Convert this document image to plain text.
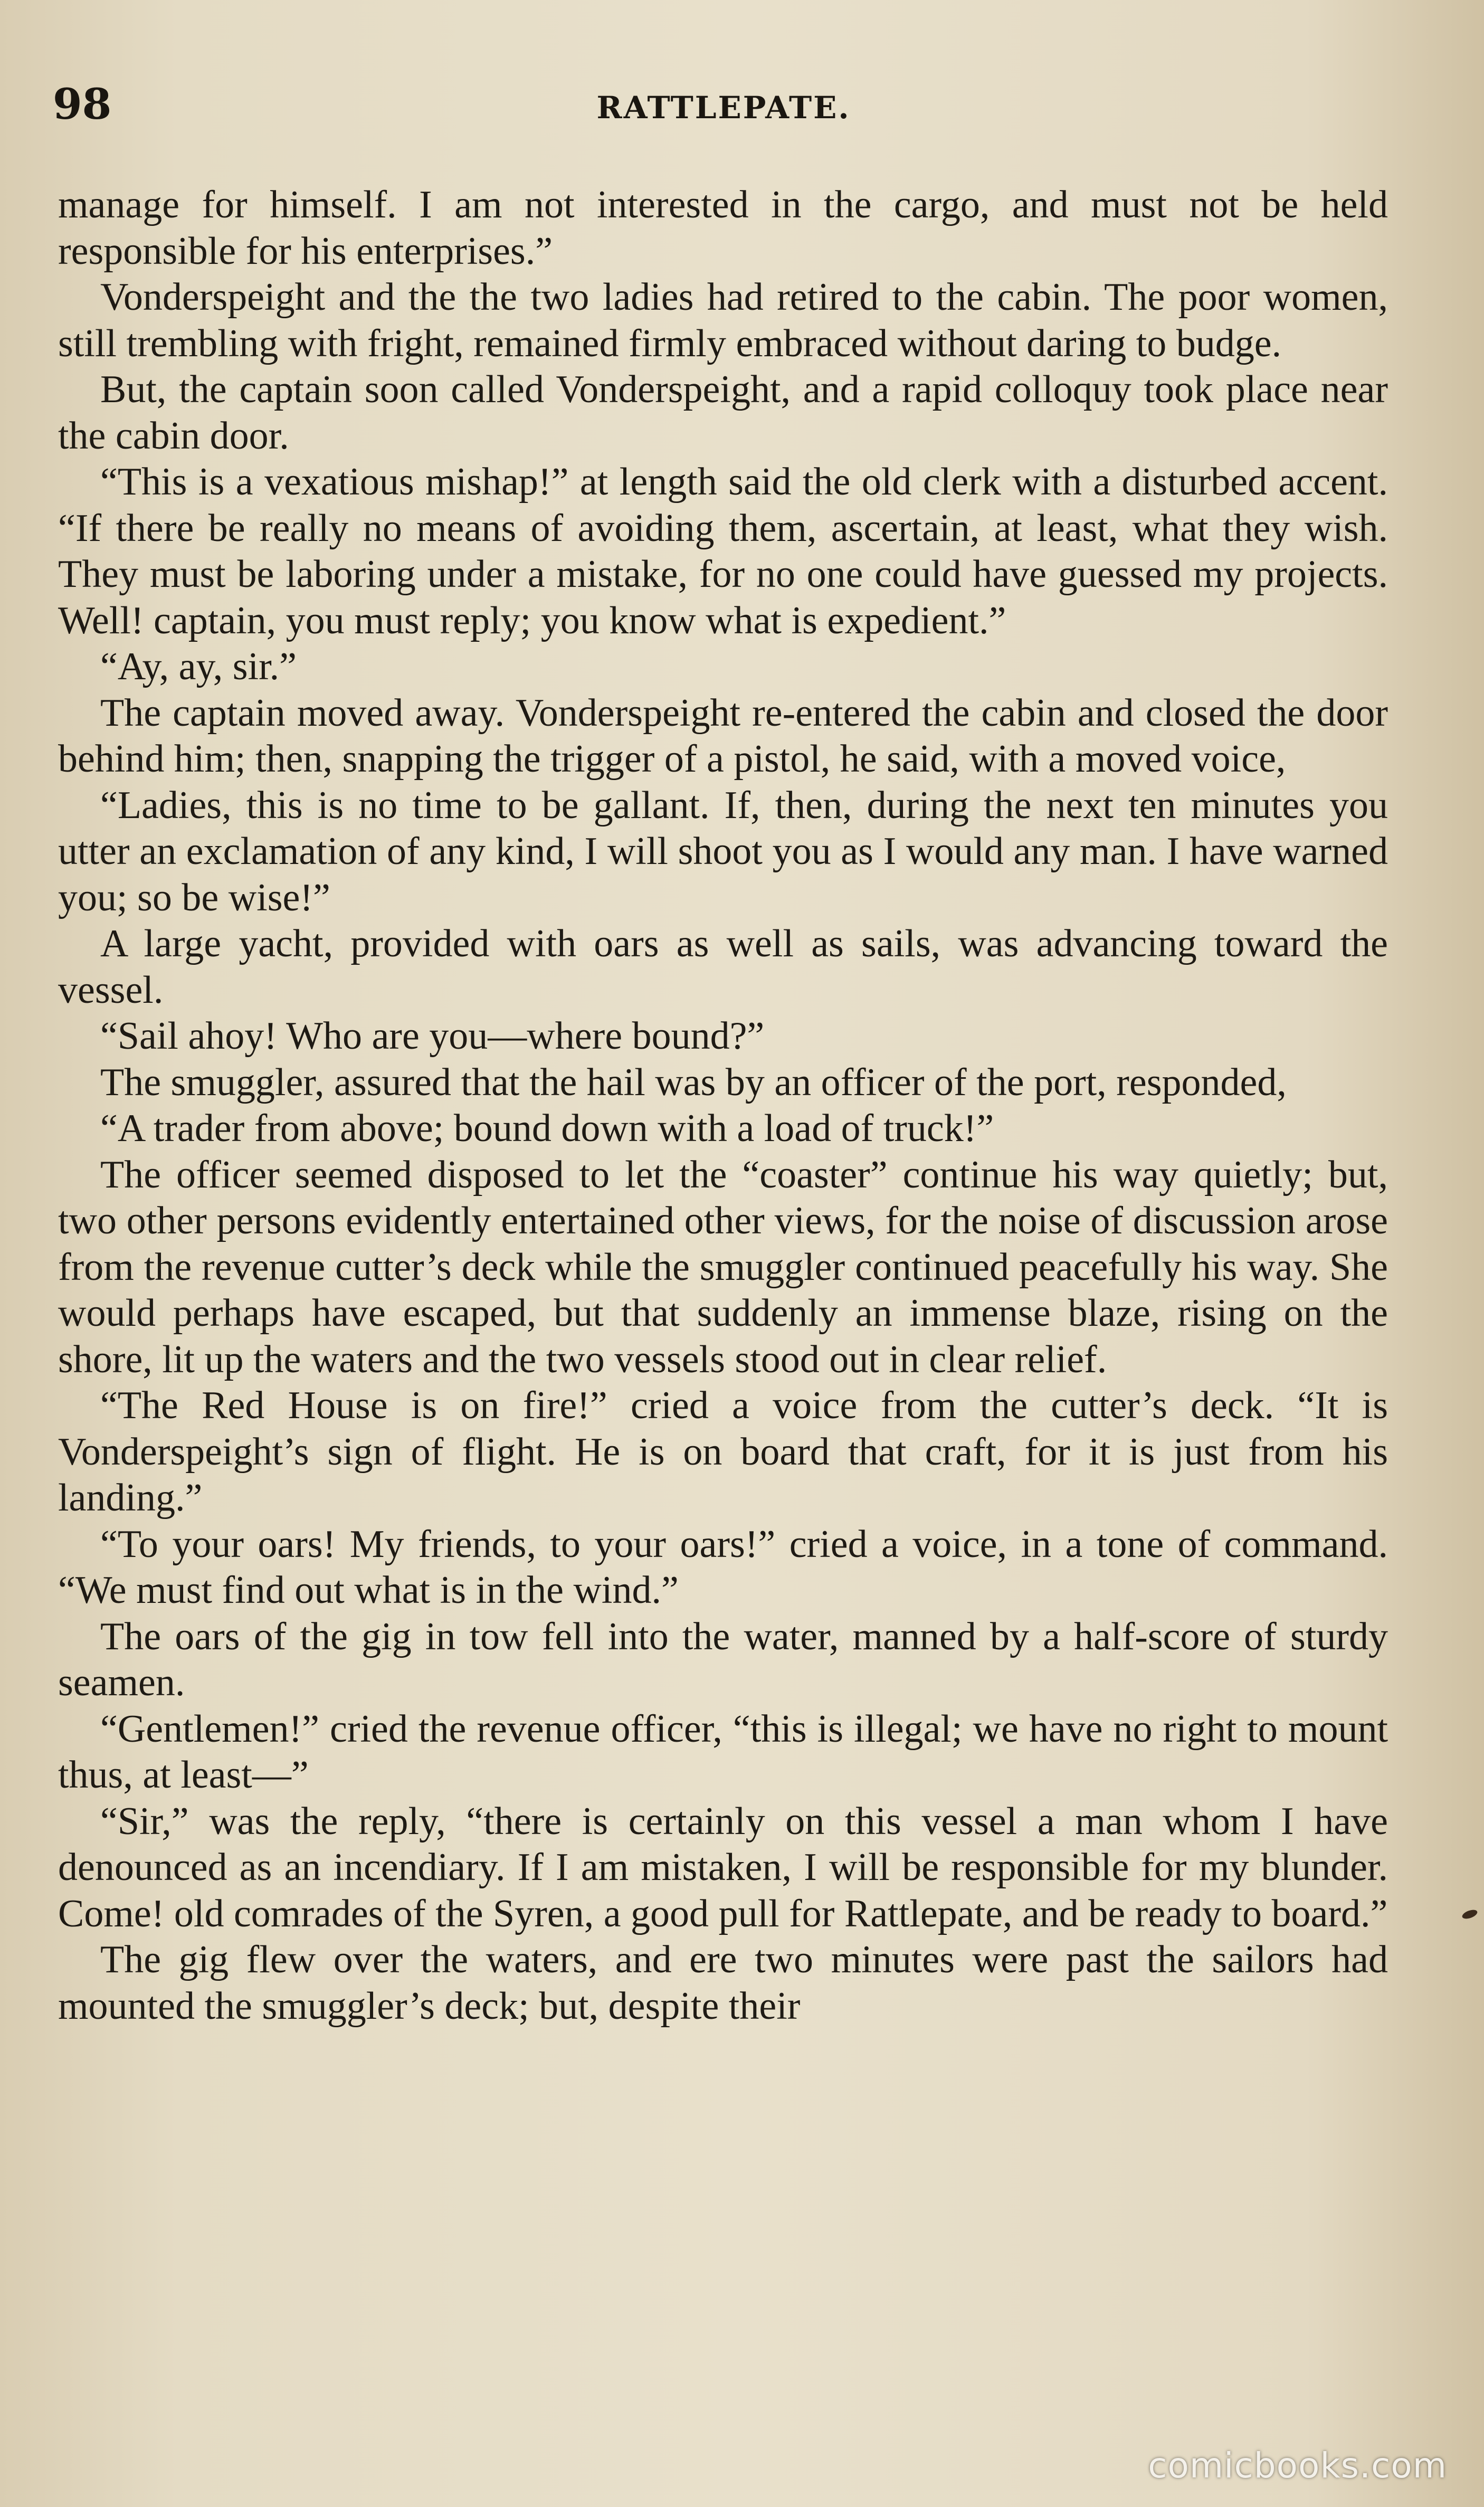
98	RATTLEPATE.

manage for himself. I am not interested in the cargo, and must not be held responsible for his enterprises.”

Vonderspeight and the the two ladies had retired to the cabin. The poor women, still trembling with fright, remained firmly embraced without daring to budge.

But, the captain soon called Vonderspeight, and a rapid colloquy took place near the cabin door.

“This is a vexatious mishap!” at length said the old clerk with a disturbed accent. “If there be really no means of avoiding them, ascertain, at least, what they wish. They must be laboring under a mistake, for no one could have guessed my projects. Well! captain, you must reply; you know what is expedient.”

“Ay, ay, sir.”

The captain moved away. Vonderspeight re-entered the cabin and closed the door behind him; then, snapping the trigger of a pistol, he said, with a moved voice,

“Ladies, this is no time to be gallant. If, then, during the next ten minutes you utter an exclamation of any kind, I will shoot you as I would any man. I have warned you; so be wise!”

A large yacht, provided with oars as well as sails, was advancing toward the vessel.

“Sail ahoy! Who are you—where bound?”

The smuggler, assured that the hail was by an officer of the port, responded,

“A trader from above; bound down with a load of truck!”

The officer seemed disposed to let the “coaster” continue his way quietly; but, two other persons evidently entertained other views, for the noise of discussion arose from the revenue cutter’s deck while the smuggler continued peacefully his way. She would perhaps have escaped, but that suddenly an immense blaze, rising on the shore, lit up the waters and the two vessels stood out in clear relief.

“The Red House is on fire!” cried a voice from the cutter’s deck. “It is Vonderspeight’s sign of flight. He is on board that craft, for it is just from his landing.”

“To your oars! My friends, to your oars!” cried a voice, in a tone of command. “We must find out what is in the wind.”

The oars of the gig in tow fell into the water, manned by a half-score of sturdy seamen.

“Gentlemen!” cried the revenue officer, “this is illegal; we have no right to mount thus, at least—”

“Sir,” was the reply, “there is certainly on this vessel a man whom I have denounced as an incendiary. If I am mistaken, I will be responsible for my blunder. Come! old comrades of the Syren, a good pull for Rattlepate, and be ready to board.”

The gig flew over the waters, and ere two minutes were past the sailors had mounted the smuggler’s deck; but, despite their

comicbooks.com
